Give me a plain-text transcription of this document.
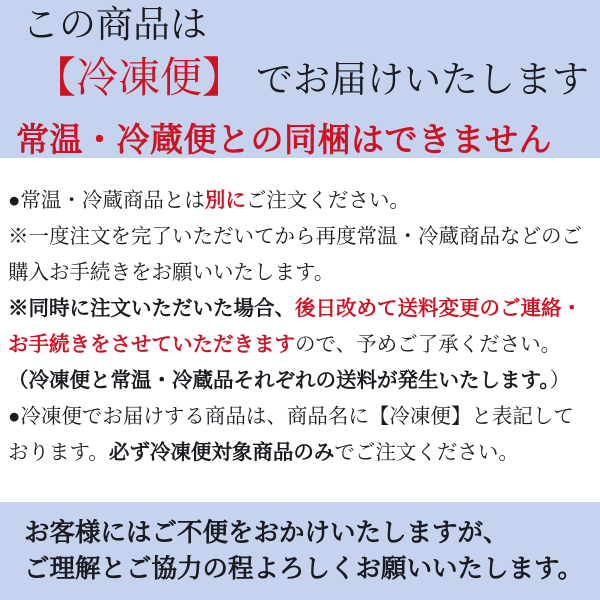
この商品は
【冷凍便】 でお届けいたします
常温・冷蔵便との同梱はできません
●常温・冷蔵商品とは別にご注文ください。
※一度注文を完了いただいてから再度常温・冷蔵商品などのご
購入お手続きをお願いいたします。
※同時に注文いただいた場合、後日改めて送料変更のご連絡・
お手続きをさせていただきますので、予めご了承ください。
（冷凍便と常温・冷蔵品それぞれの送料が発生いたします。）
●冷凍便でお届けする商品は、商品名に【冷凍便】と表記して
おります。必ず冷凍便対象商品のみでご注文ください。
お客様にはご不便をおかけいたしますが、
ご理解とご協力の程よろしくお願いいたします。
